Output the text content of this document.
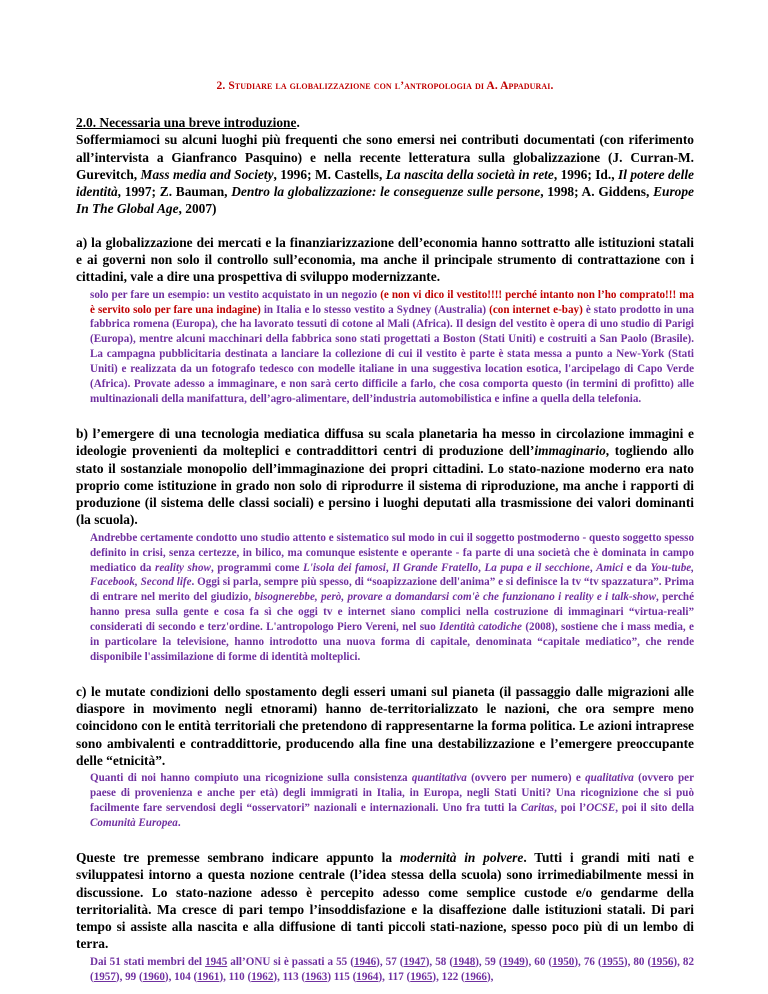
2. Studiare la globalizzazione con l’antropologia di A. Appadurai.

2.0. Necessaria una breve introduzione.

Soffermiamoci su alcuni luoghi più frequenti che sono emersi nei contributi documentati (con riferimento all’intervista a Gianfranco Pasquino) e nella recente letteratura sulla globalizzazione (J. Curran-M. Gurevitch, Mass media and Society, 1996; M. Castells, La nascita della società in rete, 1996; Id., Il potere delle identità, 1997; Z. Bauman, Dentro la globalizzazione: le conseguenze sulle persone, 1998; A. Giddens, Europe In The Global Age, 2007)

a) la globalizzazione dei mercati e la finanziarizzazione dell’economia hanno sottratto alle istituzioni statali e ai governi non solo il controllo sull’economia, ma anche il principale strumento di contrattazione con i cittadini, vale a dire una prospettiva di sviluppo modernizzante.

solo per fare un esempio: un vestito acquistato in un negozio (e non vi dico il vestito!!!! perché intanto non l’ho comprato!!! ma è servito solo per fare una indagine) in Italia e lo stesso vestito a Sydney (Australia) (con internet e-bay) è stato prodotto in una fabbrica romena (Europa), che ha lavorato tessuti di cotone al Mali (Africa). Il design del vestito è opera di uno studio di Parigi (Europa), mentre alcuni macchinari della fabbrica sono stati progettati a Boston (Stati Uniti) e costruiti a San Paolo (Brasile). La campagna pubblicitaria destinata a lanciare la collezione di cui il vestito è parte è stata messa a punto a New-York (Stati Uniti) e realizzata da un fotografo tedesco con modelle italiane in una suggestiva location esotica, l'arcipelago di Capo Verde (Africa). Provate adesso a immaginare, e non sarà certo difficile a farlo, che cosa comporta questo (in termini di profitto) alle multinazionali della manifattura, dell’agro-alimentare, dell’industria automobilistica e infine a quella della telefonia.

b) l’emergere di una tecnologia mediatica diffusa su scala planetaria ha messo in circolazione immagini e ideologie provenienti da molteplici e contraddittori centri di produzione dell’immaginario, togliendo allo stato il sostanziale monopolio dell’immaginazione dei propri cittadini. Lo stato-nazione moderno era nato proprio come istituzione in grado non solo di riprodurre il sistema di riproduzione, ma anche i rapporti di produzione (il sistema delle classi sociali) e persino i luoghi deputati alla trasmissione dei valori dominanti (la scuola).

Andrebbe certamente condotto uno studio attento e sistematico sul modo in cui il soggetto postmoderno - questo soggetto spesso definito in crisi, senza certezze, in bilico, ma comunque esistente e operante - fa parte di una società che è dominata in campo mediatico da reality show, programmi come L'isola dei famosi, Il Grande Fratello, La pupa e il secchione, Amici e da You-tube, Facebook, Second life. Oggi si parla, sempre più spesso, di “soapizzazione dell'anima” e si definisce la tv “tv spazzatura”. Prima di entrare nel merito del giudizio, bisognerebbe, però, provare a domandarsi com'è che funzionano i reality e i talk-show, perché hanno presa sulla gente e cosa fa sì che oggi tv e internet siano complici nella costruzione di immaginari “virtua-reali” considerati di secondo e terz'ordine. L'antropologo Piero Vereni, nel suo Identità catodiche (2008), sostiene che i mass media, e in particolare la televisione, hanno introdotto una nuova forma di capitale, denominata “capitale mediatico”, che rende disponibile l'assimilazione di forme di identità molteplici.

c) le mutate condizioni dello spostamento degli esseri umani sul pianeta (il passaggio dalle migrazioni alle diaspore in movimento negli etnorami) hanno de-territorializzato le nazioni, che ora sempre meno coincidono con le entità territoriali che pretendono di rappresentarne la forma politica. Le azioni intraprese sono ambivalenti e contraddittorie, producendo alla fine una destabilizzazione e l’emergere preoccupante delle “etnicità”.

Quanti di noi hanno compiuto una ricognizione sulla consistenza quantitativa (ovvero per numero) e qualitativa (ovvero per paese di provenienza e anche per età) degli immigrati in Italia, in Europa, negli Stati Uniti? Una ricognizione che si può facilmente fare servendosi degli “osservatori” nazionali e internazionali. Uno fra tutti la Caritas, poi l’OCSE, poi il sito della Comunità Europea.

Queste tre premesse sembrano indicare appunto la modernità in polvere. Tutti i grandi miti nati e sviluppatesi intorno a questa nozione centrale (l’idea stessa della scuola) sono irrimediabilmente messi in discussione. Lo stato-nazione adesso è percepito adesso come semplice custode e/o gendarme della territorialità. Ma cresce di pari tempo l’insoddisfazione e la disaffezione dalle istituzioni statali. Di pari tempo si assiste alla nascita e alla diffusione di tanti piccoli stati-nazione, spesso poco più di un lembo di terra.

Dai 51 stati membri del 1945 all’ONU si è passati a 55 (1946), 57 (1947), 58 (1948), 59 (1949), 60 (1950), 76 (1955), 80 (1956), 82 (1957), 99 (1960), 104 (1961), 110 (1962), 113 (1963) 115 (1964), 117 (1965), 122 (1966),
